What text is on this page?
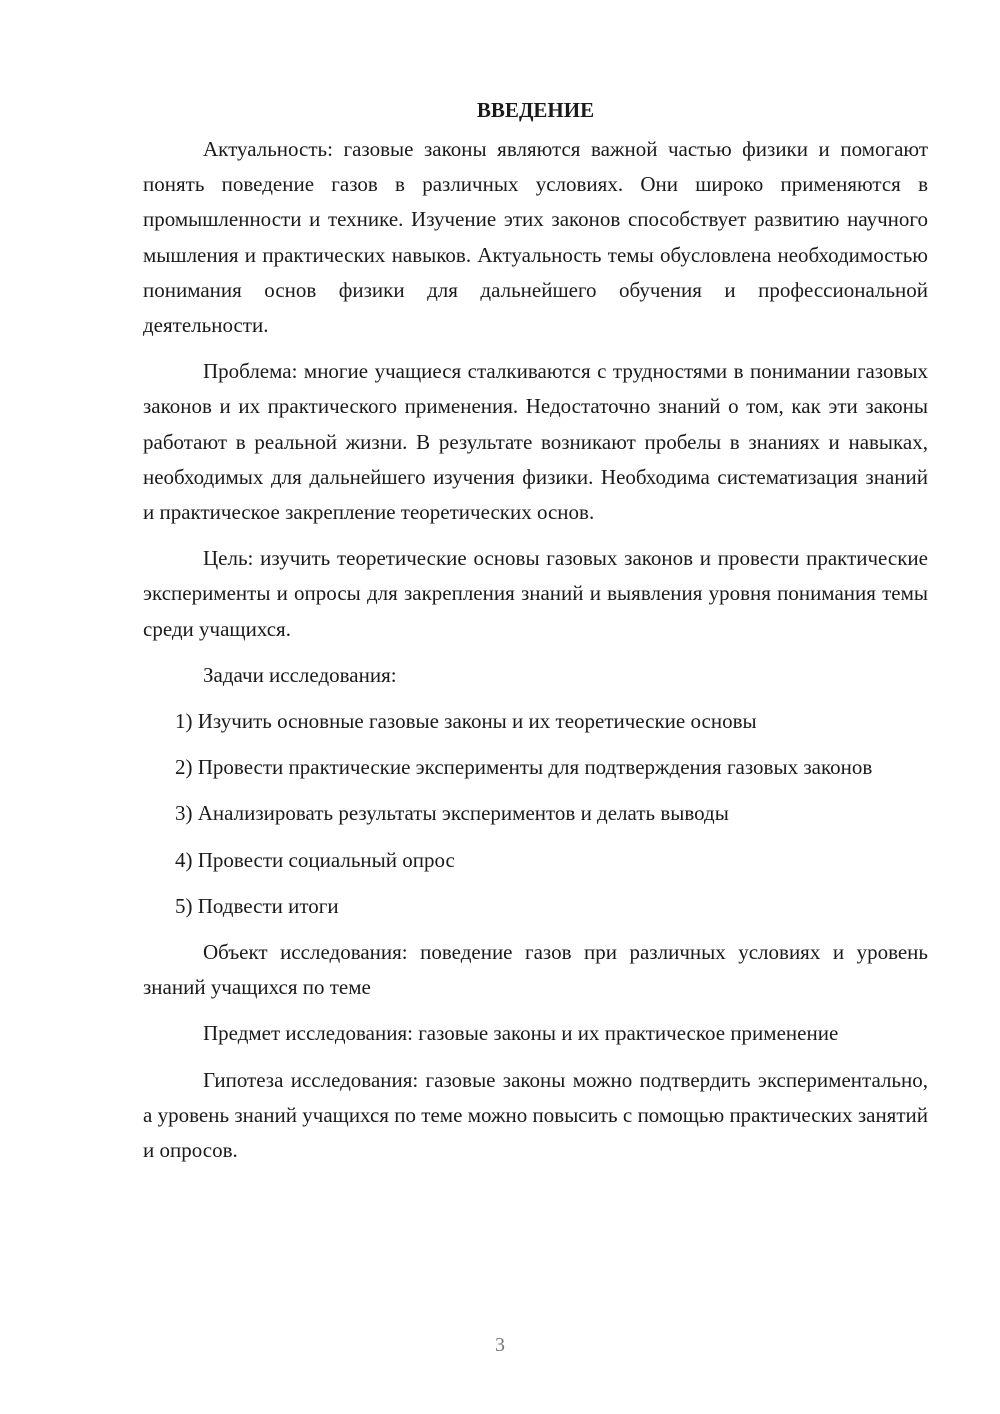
ВВЕДЕНИЕ

Актуальность: газовые законы являются важной частью физики и помогают понять поведение газов в различных условиях. Они широко применяются в промышленности и технике. Изучение этих законов способствует развитию научного мышления и практических навыков. Актуальность темы обусловлена необходимостью понимания основ физики для дальнейшего обучения и профессиональной деятельности.

Проблема: многие учащиеся сталкиваются с трудностями в понимании газовых законов и их практического применения. Недостаточно знаний о том, как эти законы работают в реальной жизни. В результате возникают пробелы в знаниях и навыках, необходимых для дальнейшего изучения физики. Необходима систематизация знаний и практическое закрепление теоретических основ.

Цель: изучить теоретические основы газовых законов и провести практические эксперименты и опросы для закрепления знаний и выявления уровня понимания темы среди учащихся.

Задачи исследования:

1) Изучить основные газовые законы и их теоретические основы

2) Провести практические эксперименты для подтверждения газовых законов

3) Анализировать результаты экспериментов и делать выводы

4) Провести социальный опрос

5) Подвести итоги

Объект исследования: поведение газов при различных условиях и уровень знаний учащихся по теме

Предмет исследования: газовые законы и их практическое применение

Гипотеза исследования: газовые законы можно подтвердить экспериментально, а уровень знаний учащихся по теме можно повысить с помощью практических занятий и опросов.

3
